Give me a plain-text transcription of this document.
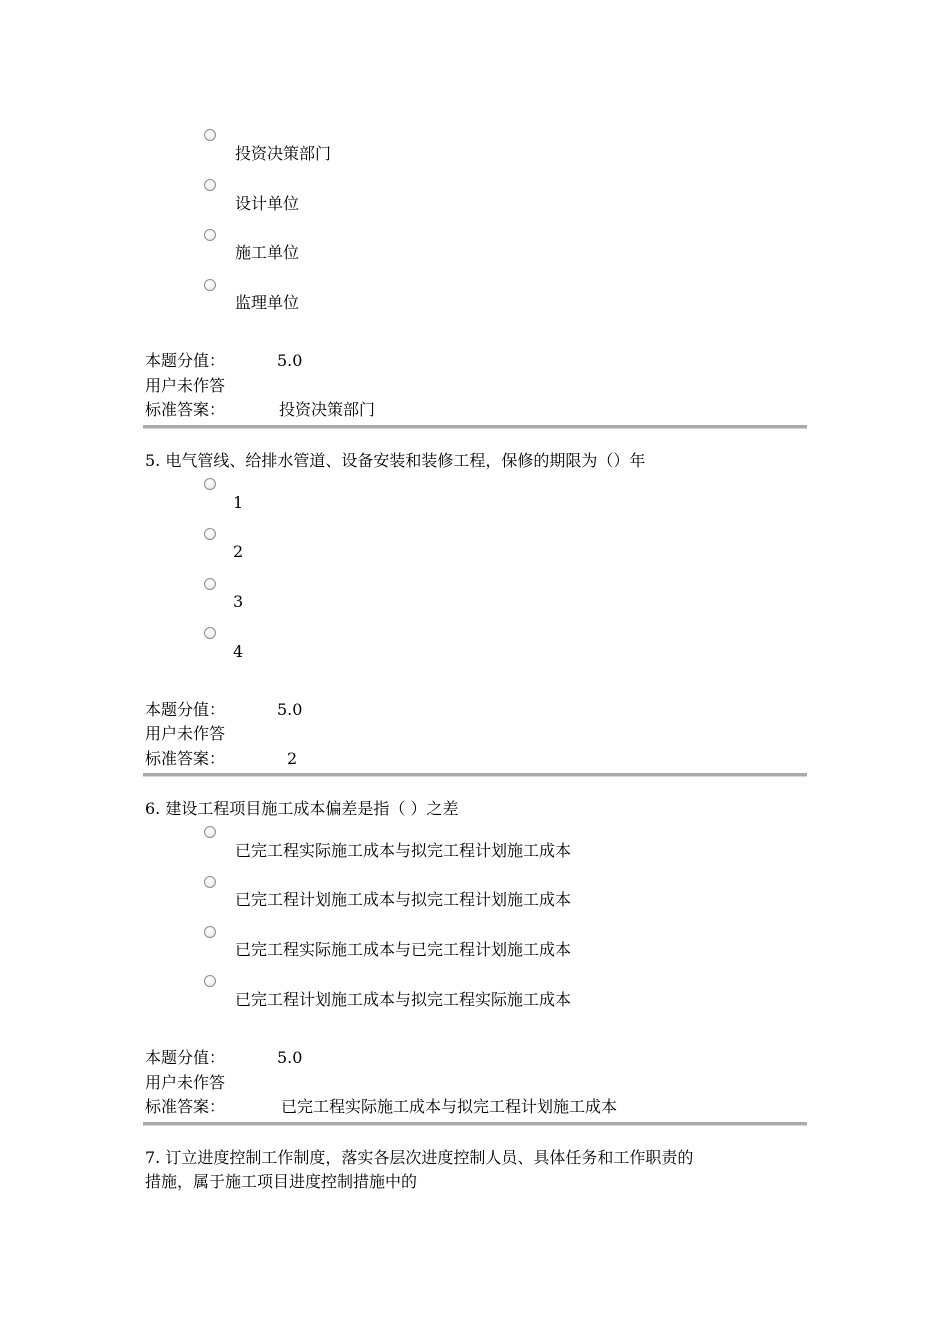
投资决策部门
设计单位
施工单位
监理单位
本题分值：	5.0
用户未作答
标准答案：	投资决策部门
5. 电气管线、给排水管道、设备安装和装修工程，保修的期限为（）年
1
2
3
4
本题分值：	5.0
用户未作答
标准答案：	2
6. 建设工程项目施工成本偏差是指（ ）之差
已完工程实际施工成本与拟完工程计划施工成本
已完工程计划施工成本与拟完工程计划施工成本
已完工程实际施工成本与已完工程计划施工成本
已完工程计划施工成本与拟完工程实际施工成本
本题分值：	5.0
用户未作答
标准答案：	已完工程实际施工成本与拟完工程计划施工成本
7. 订立进度控制工作制度，落实各层次进度控制人员、具体任务和工作职责的
措施，属于施工项目进度控制措施中的
